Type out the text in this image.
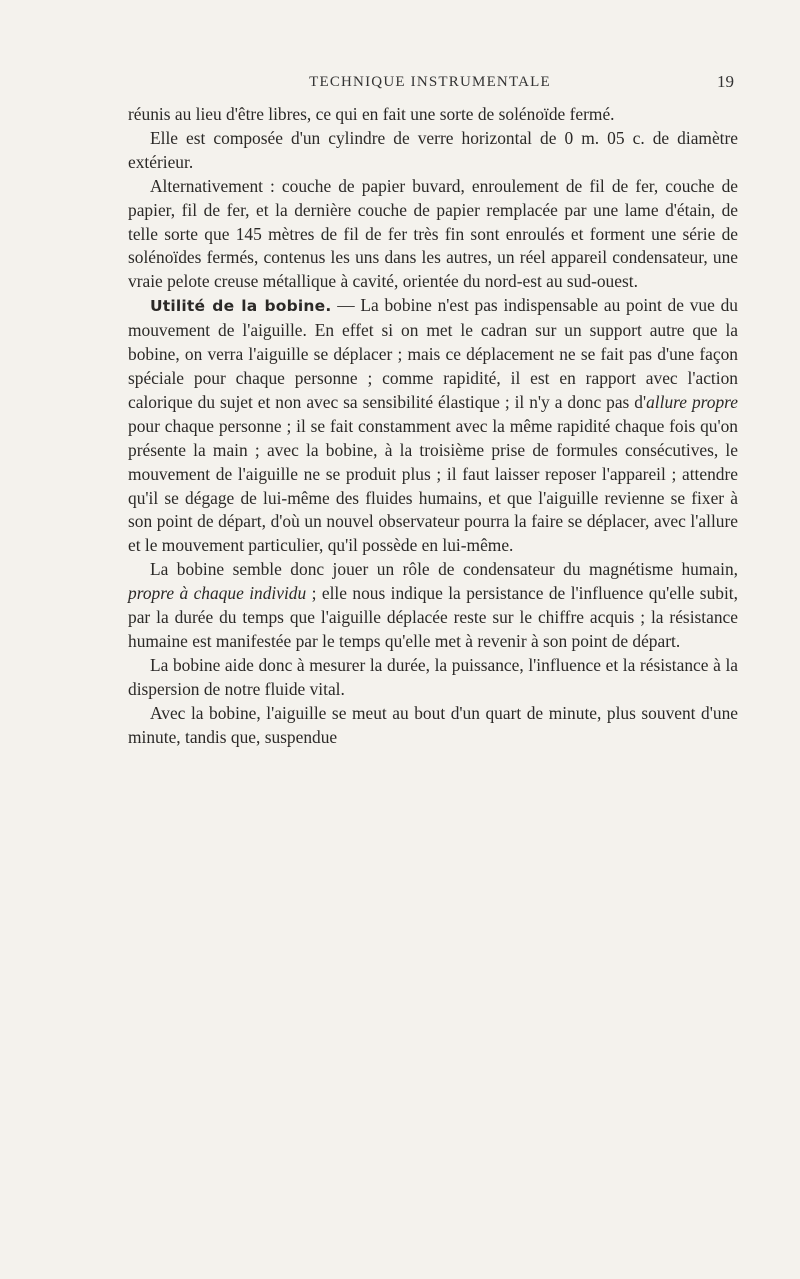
TECHNIQUE INSTRUMENTALE	19

réunis au lieu d'être libres, ce qui en fait une sorte de solénoïde fermé.

Elle est composée d'un cylindre de verre horizontal de 0 m. 05 c. de diamètre extérieur.

Alternativement : couche de papier buvard, enroulement de fil de fer, couche de papier, fil de fer, et la dernière couche de papier remplacée par une lame d'étain, de telle sorte que 145 mètres de fil de fer très fin sont enroulés et forment une série de solénoïdes fermés, contenus les uns dans les autres, un réel appareil condensateur, une vraie pelote creuse métallique à cavité, orientée du nord-est au sud-ouest.

Utilité de la bobine. — La bobine n'est pas indispensable au point de vue du mouvement de l'aiguille. En effet si on met le cadran sur un support autre que la bobine, on verra l'aiguille se déplacer ; mais ce déplacement ne se fait pas d'une façon spéciale pour chaque personne ; comme rapidité, il est en rapport avec l'action calorique du sujet et non avec sa sensibilité élastique ; il n'y a donc pas d'allure propre pour chaque personne ; il se fait constamment avec la même rapidité chaque fois qu'on présente la main ; avec la bobine, à la troisième prise de formules consécutives, le mouvement de l'aiguille ne se produit plus ; il faut laisser reposer l'appareil ; attendre qu'il se dégage de lui-même des fluides humains, et que l'aiguille revienne se fixer à son point de départ, d'où un nouvel observateur pourra la faire se déplacer, avec l'allure et le mouvement particulier, qu'il possède en lui-même.

La bobine semble donc jouer un rôle de condensateur du magnétisme humain, propre à chaque individu ; elle nous indique la persistance de l'influence qu'elle subit, par la durée du temps que l'aiguille déplacée reste sur le chiffre acquis ; la résistance humaine est manifestée par le temps qu'elle met à revenir à son point de départ.

La bobine aide donc à mesurer la durée, la puissance, l'influence et la résistance à la dispersion de notre fluide vital.

Avec la bobine, l'aiguille se meut au bout d'un quart de minute, plus souvent d'une minute, tandis que, suspendue
